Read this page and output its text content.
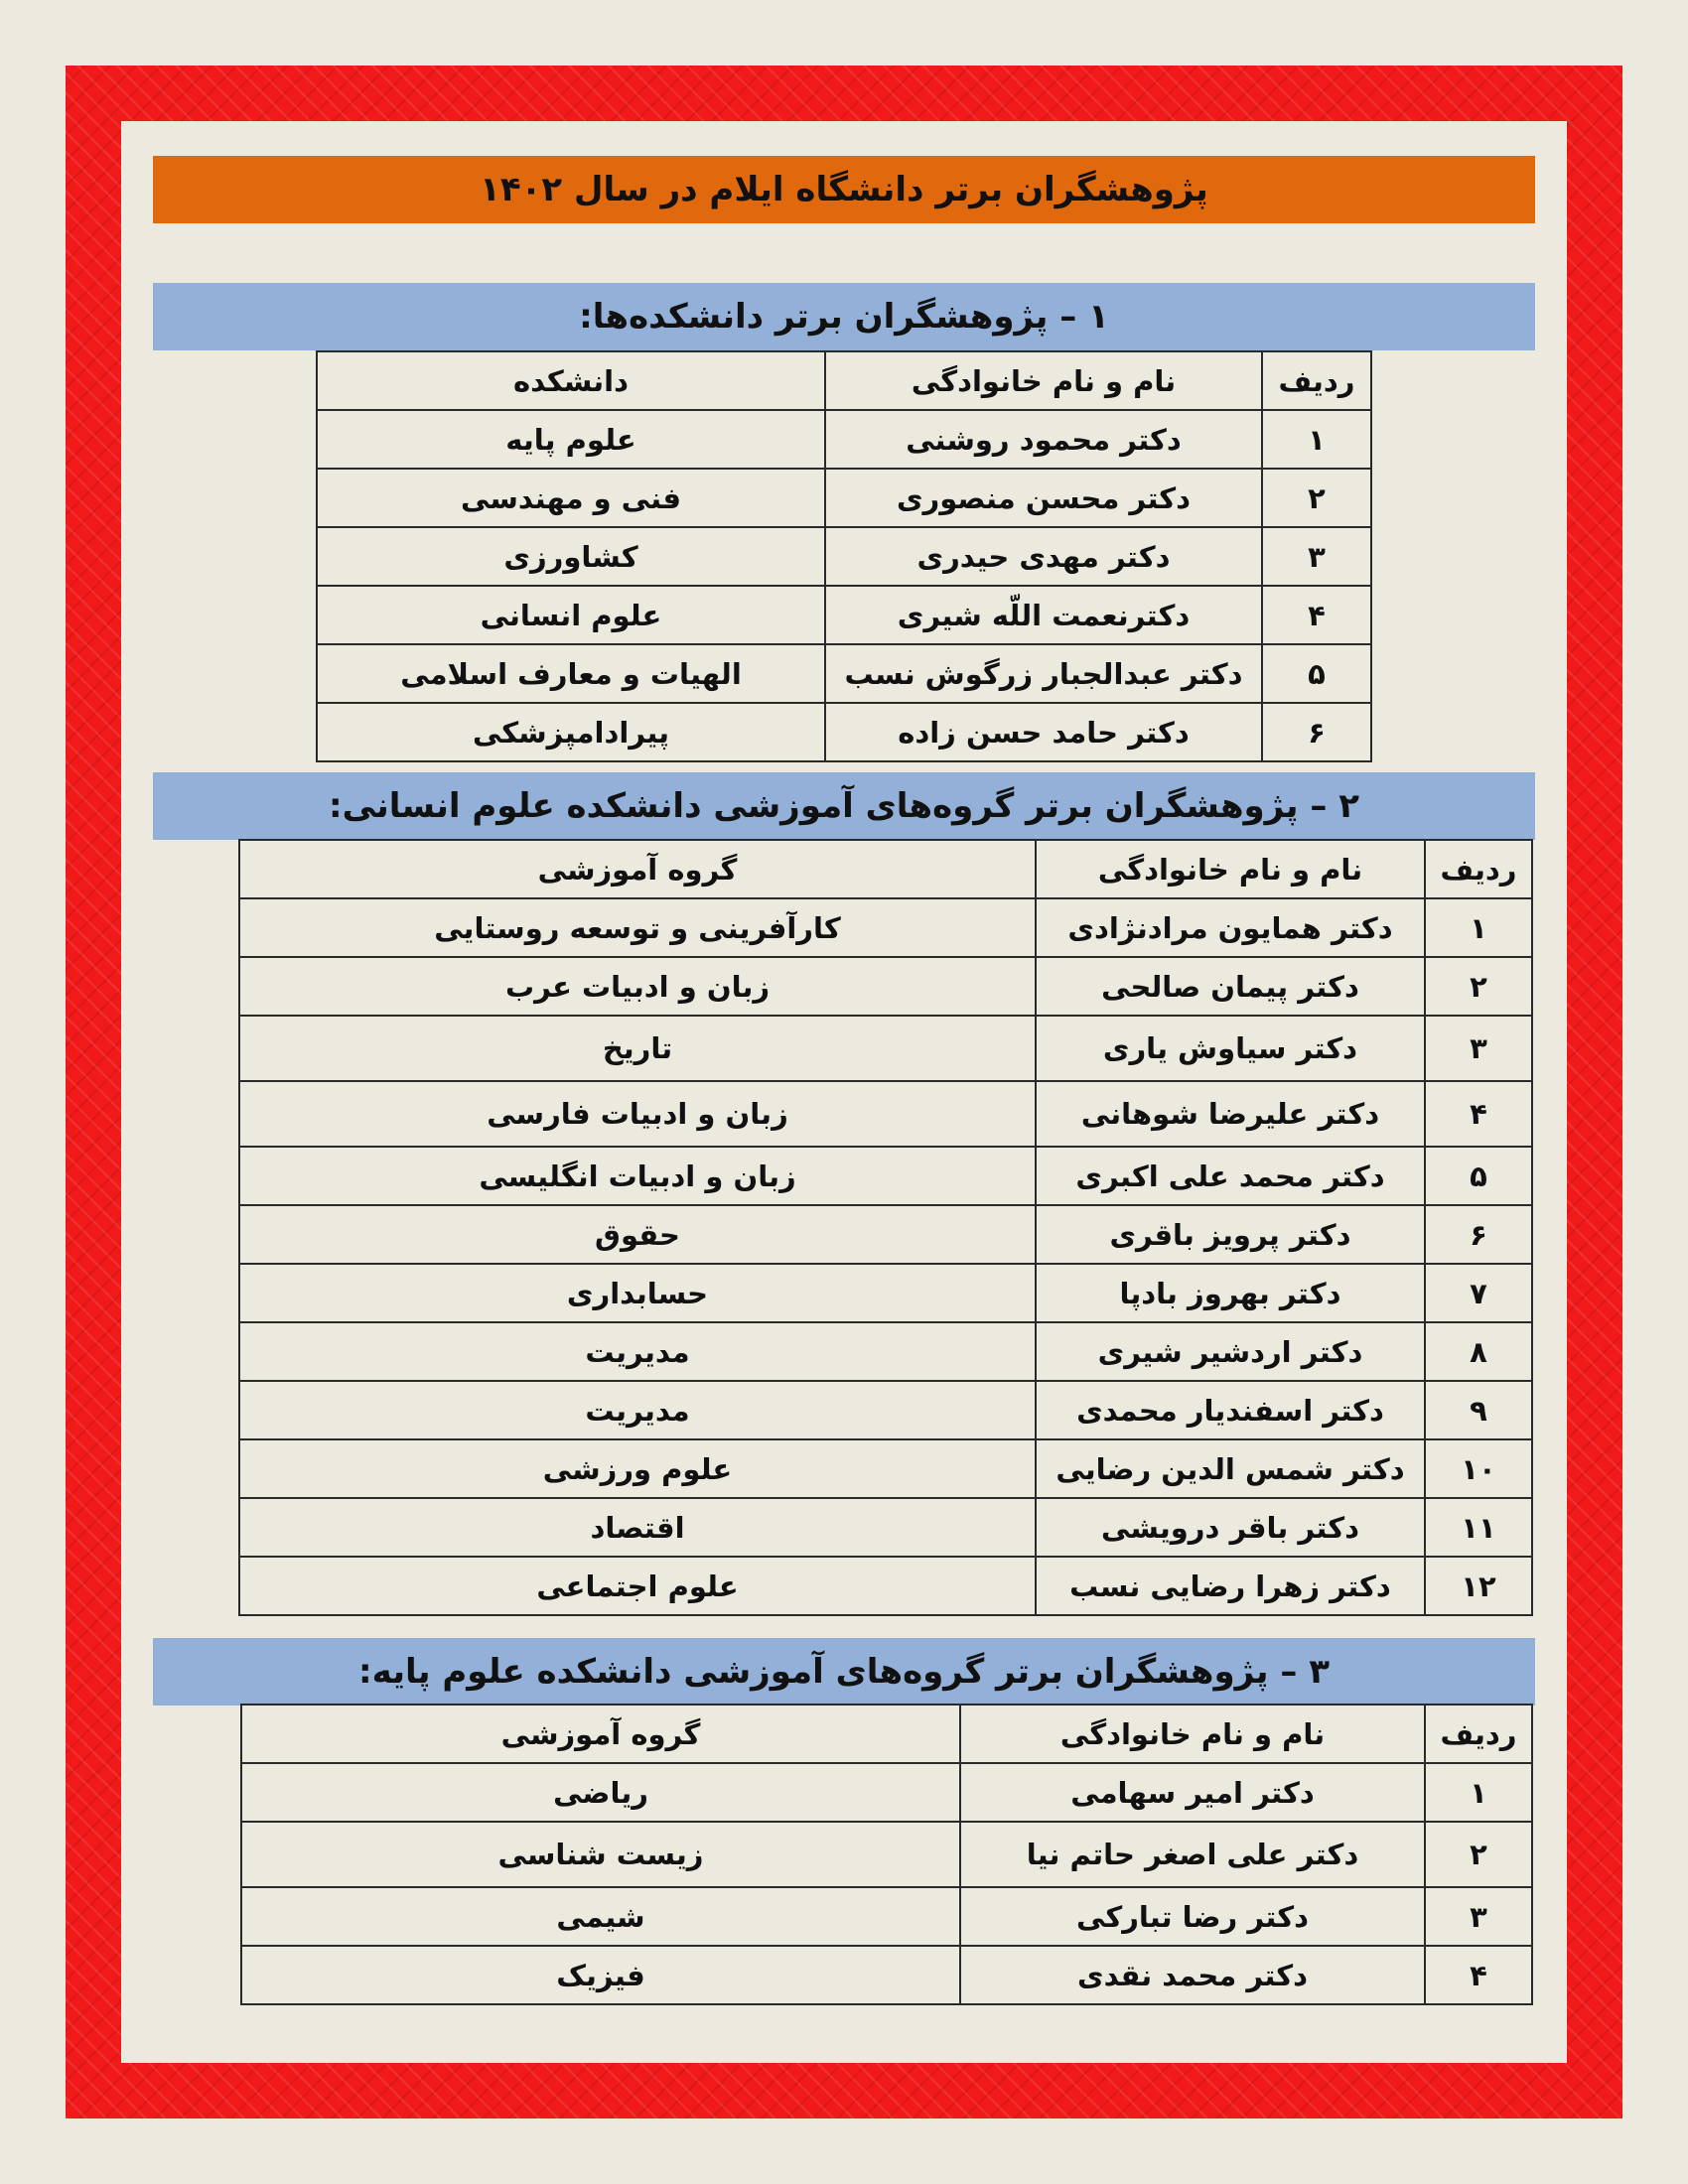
پژوهشگران برتر دانشگاه ایلام در سال ۱۴۰۲
۱ – پژوهشگران برتر دانشکده‌ها:
ردیف	نام و نام خانوادگی	دانشکده
۱	دکتر محمود روشنی	علوم پایه
۲	دکتر محسن منصوری	فنی و مهندسی
۳	دکتر مهدی حیدری	کشاورزی
۴	دکترنعمت اللّه شیری	علوم انسانی
۵	دکتر عبدالجبار زرگوش نسب	الهیات و معارف اسلامی
۶	دکتر حامد حسن زاده	پیرادامپزشکی
۲ – پژوهشگران برتر گروه‌های آموزشی دانشکده علوم انسانی:
ردیف	نام و نام خانوادگی	گروه آموزشی
۱	دکتر همایون مرادنژادی	کارآفرینی و توسعه روستایی
۲	دکتر پیمان صالحی	زبان و ادبیات عرب
۳	دکتر سیاوش یاری	تاریخ
۴	دکتر علیرضا شوهانی	زبان و ادبیات فارسی
۵	دکتر محمد علی اکبری	زبان و ادبیات انگلیسی
۶	دکتر پرویز باقری	حقوق
۷	دکتر بهروز بادپا	حسابداری
۸	دکتر اردشیر شیری	مدیریت
۹	دکتر اسفندیار محمدی	مدیریت
۱۰	دکتر شمس الدین رضایی	علوم ورزشی
۱۱	دکتر باقر درویشی	اقتصاد
۱۲	دکتر زهرا رضایی نسب	علوم اجتماعی
۳ – پژوهشگران برتر گروه‌های آموزشی دانشکده علوم پایه:
ردیف	نام و نام خانوادگی	گروه آموزشی
۱	دکتر امیر سهامی	ریاضی
۲	دکتر علی اصغر حاتم نیا	زیست شناسی
۳	دکتر رضا تبارکی	شیمی
۴	دکتر محمد نقدی	فیزیک
